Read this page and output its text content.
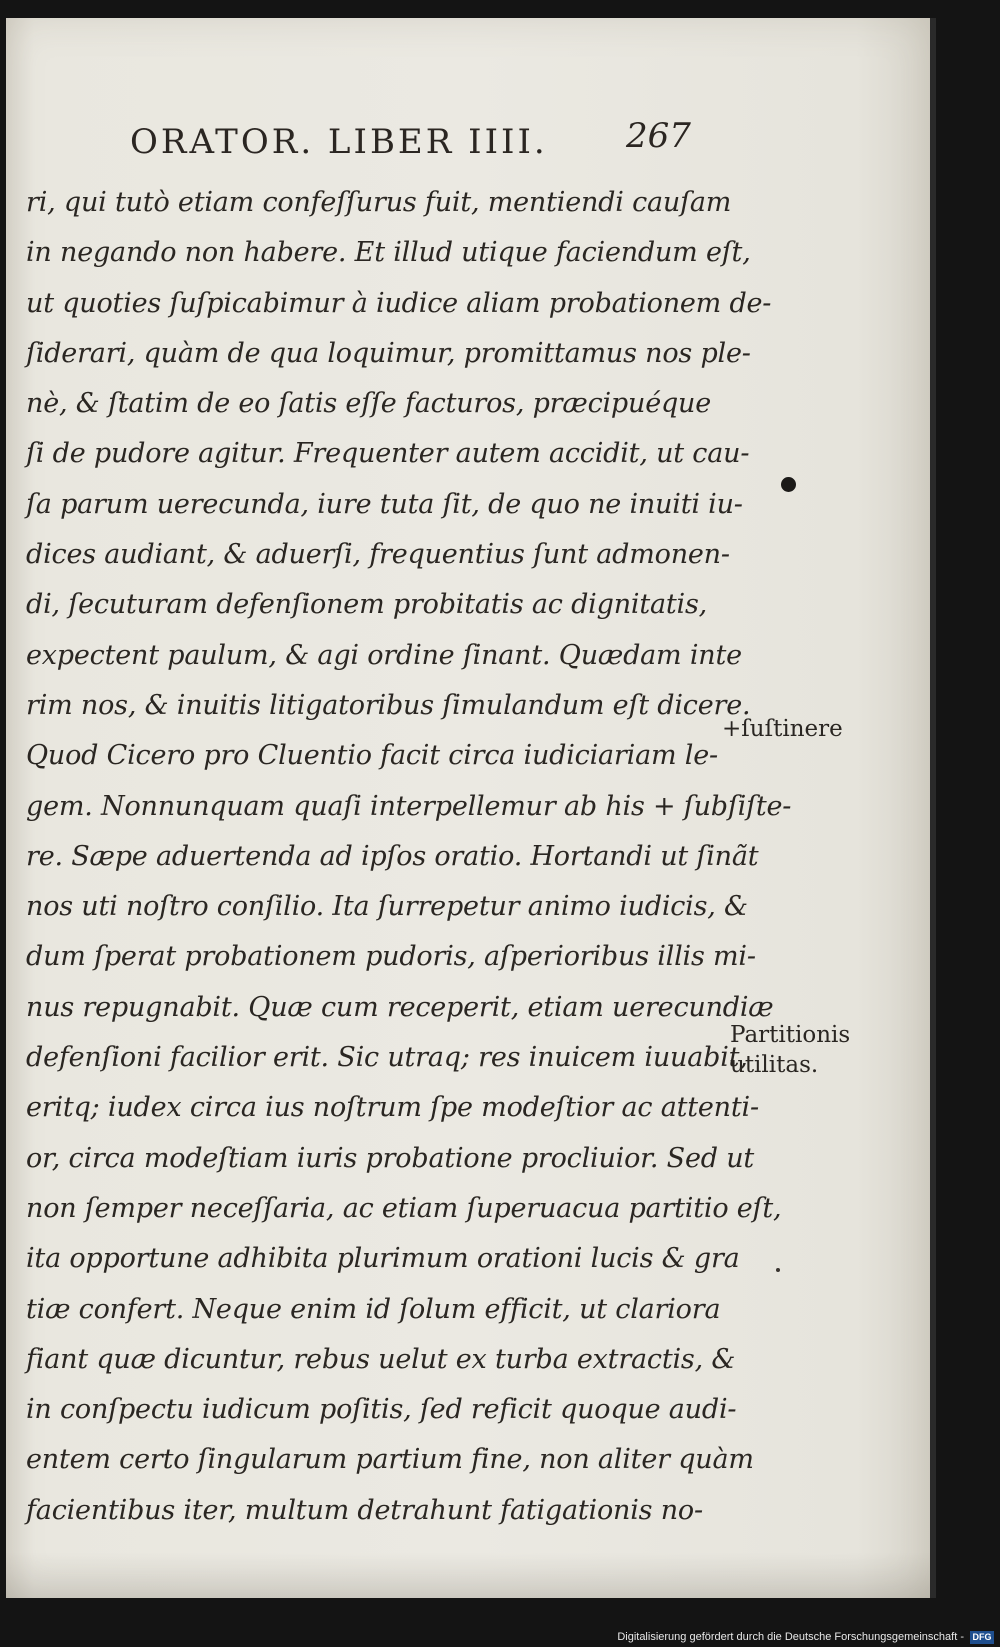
ORATOR. LIBER IIII. 267
ri, qui tutò etiam confeſſurus fuit, mentiendi cauſam
in negando non habere. Et illud utique faciendum eſt,
ut quoties ſuſpicabimur à iudice aliam probationem de-
ſiderari, quàm de qua loquimur, promittamus nos ple-
nè, & ſtatim de eo ſatis eſſe facturos, præcipuéque
ſi de pudore agitur. Frequenter autem accidit, ut cau-
ſa parum uerecunda, iure tuta ſit, de quo ne inuiti iu-
dices audiant, & aduerſi, frequentius ſunt admonen-
di, ſecuturam defenſionem probitatis ac dignitatis,
expectent paulum, & agi ordine ſinant. Quædam inte
rim nos, & inuitis litigatoribus ſimulandum eſt dicere.
Quod Cicero pro Cluentio facit circa iudiciariam le-
gem. Nonnunquam quaſi interpellemur ab his + ſubſiſte-
re. Sæpe aduertenda ad ipſos oratio. Hortandi ut ſinãt
nos uti noſtro conſilio. Ita ſurrepetur animo iudicis, &
dum ſperat probationem pudoris, aſperioribus illis mi-
nus repugnabit. Quæ cum receperit, etiam uerecundiæ
defenſioni facilior erit. Sic utraq; res inuicem iuuabit,
eritq; iudex circa ius noſtrum ſpe modeſtior ac attenti-
or, circa modeſtiam iuris probatione procliuior. Sed ut
non ſemper neceſſaria, ac etiam ſuperuacua partitio eſt,
ita opportune adhibita plurimum orationi lucis & gra
tiæ confert. Neque enim id ſolum efficit, ut clariora
fiant quæ dicuntur, rebus uelut ex turba extractis, &
in conſpectu iudicum poſitis, ſed reficit quoque audi-
entem certo ſingularum partium fine, non aliter quàm
facientibus iter, multum detrahunt fatigationis no-
+ſuſtinere
Partitionis
utilitas.
Digitalisierung gefördert durch die Deutsche Forschungsgemeinschaft - DFG
